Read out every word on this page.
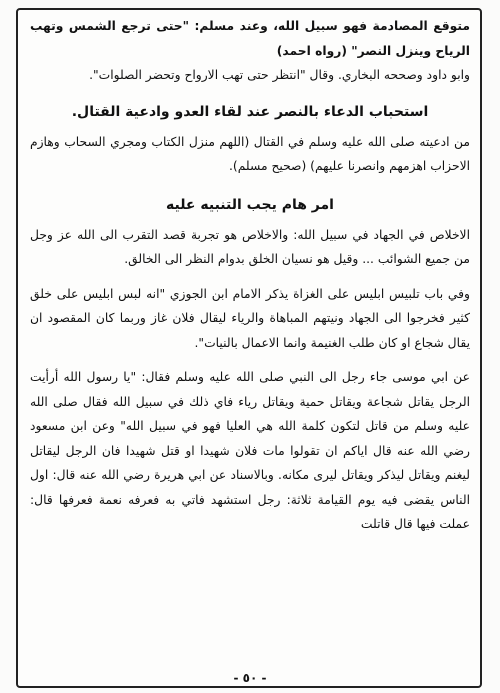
متوقع المصادمة فهو سبيل الله، وعند مسلم: "حتى ترجع الشمس وتهب الرياح وينزل النصر" (رواه احمد)

وابو داود وصححه البخاري. وقال "انتظر حتى تهب الارواح وتحضر الصلوات".

استحباب الدعاء بالنصر عند لقاء العدو وادعية القتال.

من ادعيته صلى الله عليه وسلم في القتال (اللهم منزل الكتاب ومجري السحاب وهازم الاحزاب اهزمهم وانصرنا عليهم) (صحيح مسلم).

امر هام يجب التنبيه عليه

الاخلاص في الجهاد في سبيل الله: والاخلاص هو تجربة قصد التقرب الى الله عز وجل من جميع الشوائب ... وقيل هو نسيان الخلق بدوام النظر الى الخالق.

وفي باب تلبيس ابليس على الغزاة يذكر الامام ابن الجوزي "انه لبس ابليس على خلق كثير فخرجوا الى الجهاد ونيتهم المباهاة والرياء ليقال فلان غاز وربما كان المقصود ان يقال شجاع او كان طلب الغنيمة وانما الاعمال بالنيات".

عن ابي موسى جاء رجل الى النبي صلى الله عليه وسلم فقال: "يا رسول الله أرأيت الرجل يقاتل شجاعة ويقاتل حمية ويقاتل رياء فاي ذلك في سبيل الله فقال صلى الله عليه وسلم من قاتل لتكون كلمة الله هي العليا فهو في سبيل الله" وعن ابن مسعود رضي الله عنه قال اياكم ان تقولوا مات فلان شهيدا او قتل شهيدا فان الرجل ليقاتل ليغنم ويقاتل ليذكر ويقاتل ليرى مكانه. وبالاسناد عن ابي هريرة رضي الله عنه قال: اول الناس يقضى فيه يوم القيامة ثلاثة: رجل استشهد فاتي به فعرفه نعمة فعرفها قال: عملت فيها قال قاتلت

- ٥٠ -
